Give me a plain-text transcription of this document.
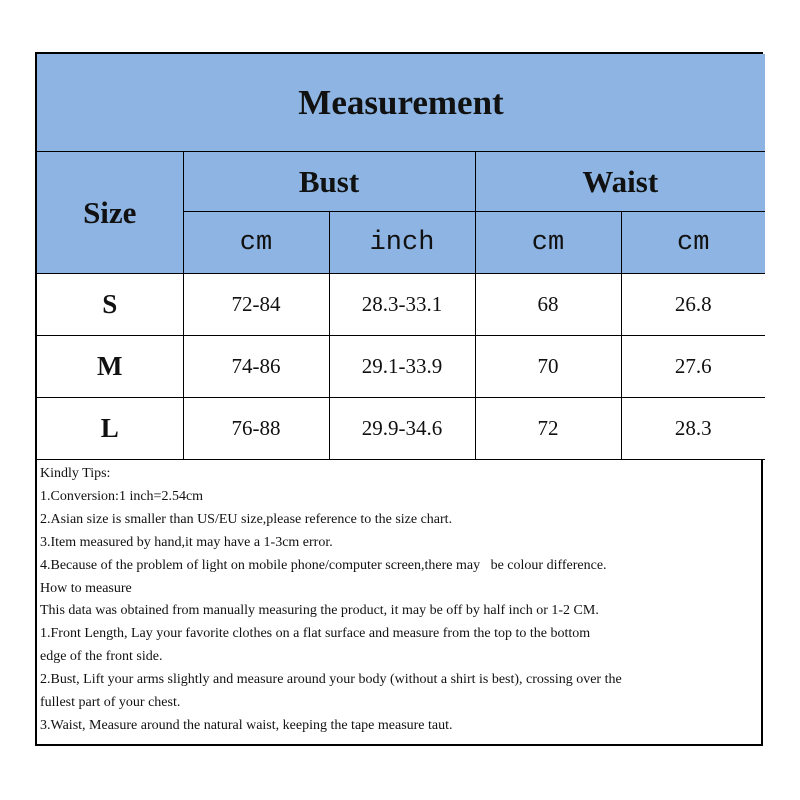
Measurement				
Size	Bust		Waist	
	cm	inch	cm	cm
S	72-84	28.3-33.1	68	26.8
M	74-86	29.1-33.9	70	27.6
L	76-88	29.9-34.6	72	28.3
Kindly Tips:
1.Conversion:1 inch=2.54cm
2.Asian size is smaller than US/EU size,please reference to the size chart.
3.Item measured by hand,it may have a 1-3cm error.
4.Because of the problem of light on mobile phone/computer screen,there may   be colour difference.
How to measure
This data was obtained from manually measuring the product, it may be off by half inch or 1-2 CM.
1.Front Length, Lay your favorite clothes on a flat surface and measure from the top to the bottom
edge of the front side.
2.Bust, Lift your arms slightly and measure around your body (without a shirt is best), crossing over the
fullest part of your chest.
3.Waist, Measure around the natural waist, keeping the tape measure taut.
